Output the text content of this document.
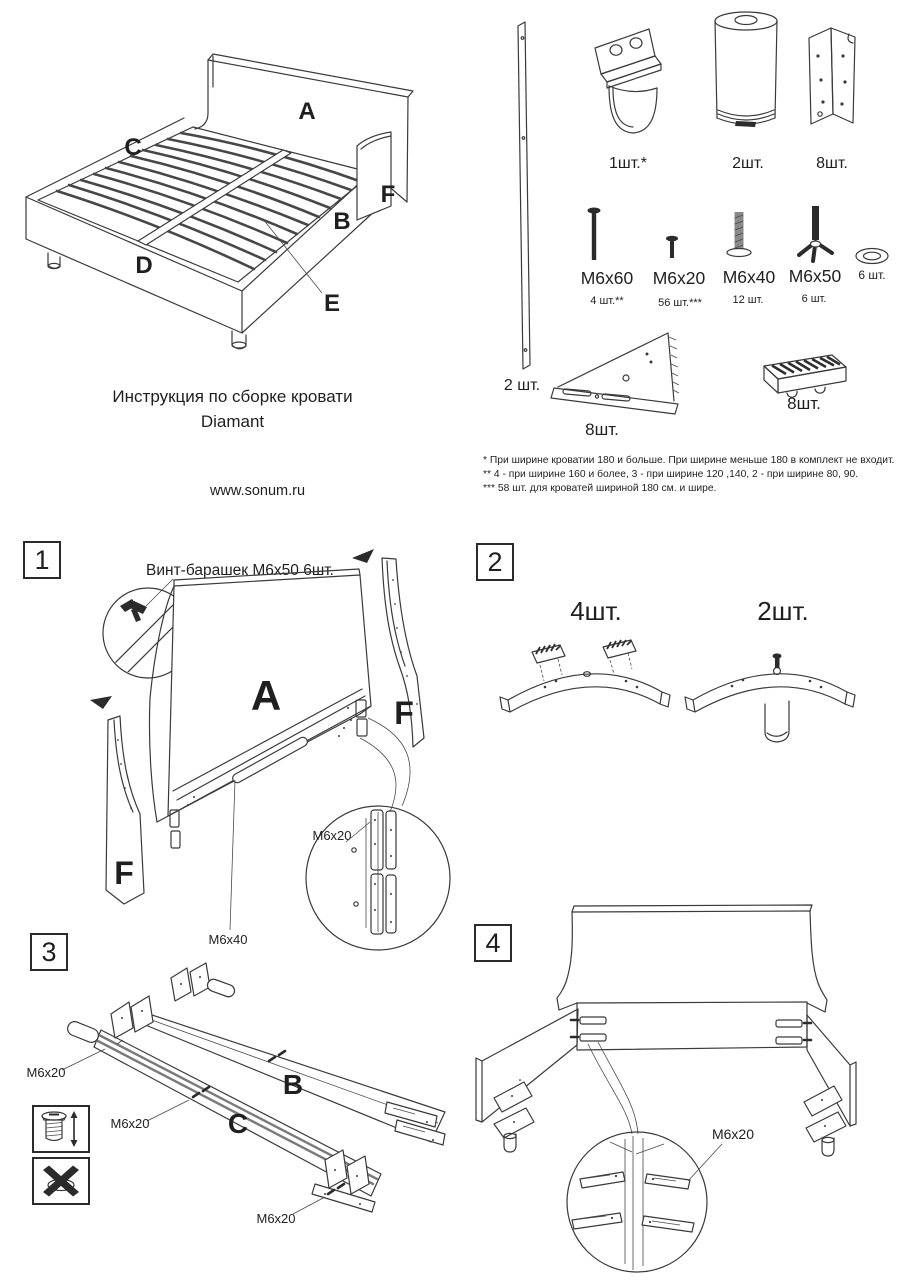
A
C
F
B
D
E
Инструкция по сборке кровати
Diamant
www.sonum.ru
2 шт.
1шт.*	2шт.	8шт.
M6x60
4 шт.**
M6x20
56 шт.***
M6x40
12 шт.
M6x50
6 шт.
6 шт.
8шт.
8шт.
* При ширине кроватии 180 и больше. При ширине меньше 180 в комплект не входит.
** 4 - при ширине 160 и более, 3 - при ширине 120 ,140, 2 - при ширине 80, 90.
*** 58 шт. для кроватей шириной 180 см. и шире.
1	Винт-барашек М6х50 6шт.
A	F
F
M6x20
M6x40
2
4шт.	2шт.
3
B
C
M6x20
M6x20
M6x20
4
M6x20
